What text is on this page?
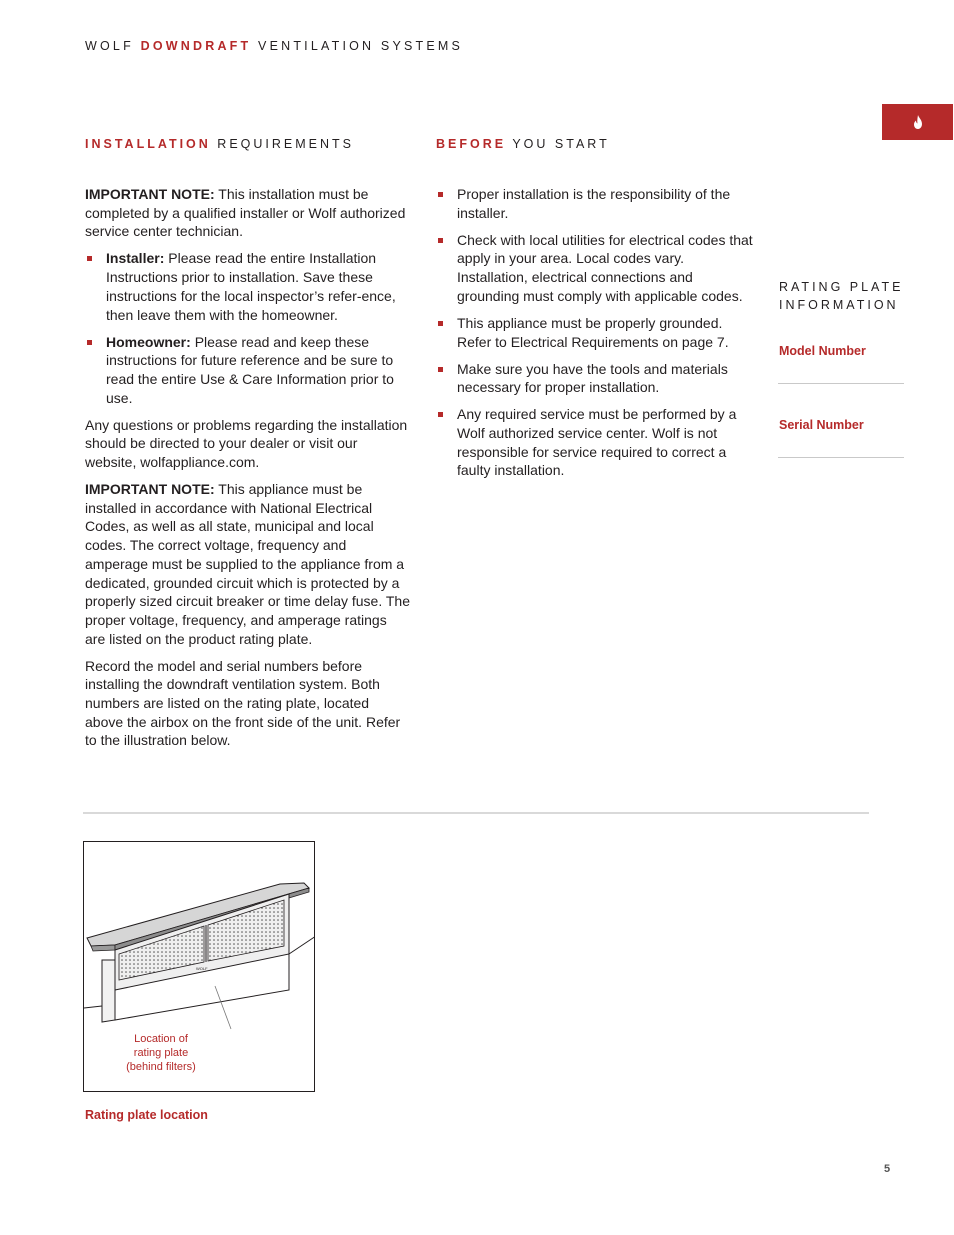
WOLF DOWNDRAFT VENTILATION SYSTEMS
INSTALLATION REQUIREMENTS

IMPORTANT NOTE: This installation must be completed by a qualified installer or Wolf authorized service center technician.

Installer: Please read the entire Installation Instructions prior to installation. Save these instructions for the local inspector’s refer-ence, then leave them with the homeowner.
Homeowner: Please read and keep these instructions for future reference and be sure to read the entire Use & Care Information prior to use.

Any questions or problems regarding the installation should be directed to your dealer or visit our website, wolfappliance.com.

IMPORTANT NOTE: This appliance must be installed in accordance with National Electrical Codes, as well as all state, municipal and local codes. The correct voltage, frequency and amperage must be supplied to the appliance from a dedicated, grounded circuit which is protected by a properly sized circuit breaker or time delay fuse. The proper voltage, frequency, and amperage ratings are listed on the product rating plate.

Record the model and serial numbers before installing the downdraft ventilation system. Both numbers are listed on the rating plate, located above the airbox on the front side of the unit. Refer to the illustration below.

BEFORE YOU START
Proper installation is the responsibility of the installer.
Check with local utilities for electrical codes that apply in your area. Local codes vary. Installation, electrical connections and grounding must comply with applicable codes.
This appliance must be properly grounded. Refer to Electrical Requirements on page 7.
Make sure you have the tools and materials necessary for proper installation.
Any required service must be performed by a Wolf authorized service center. Wolf is not responsible for service required to correct a faulty installation.
RATING PLATE
INFORMATION
Model Number
Serial Number
WOLF
Location of
rating plate
(behind filters)
Rating plate location
5
